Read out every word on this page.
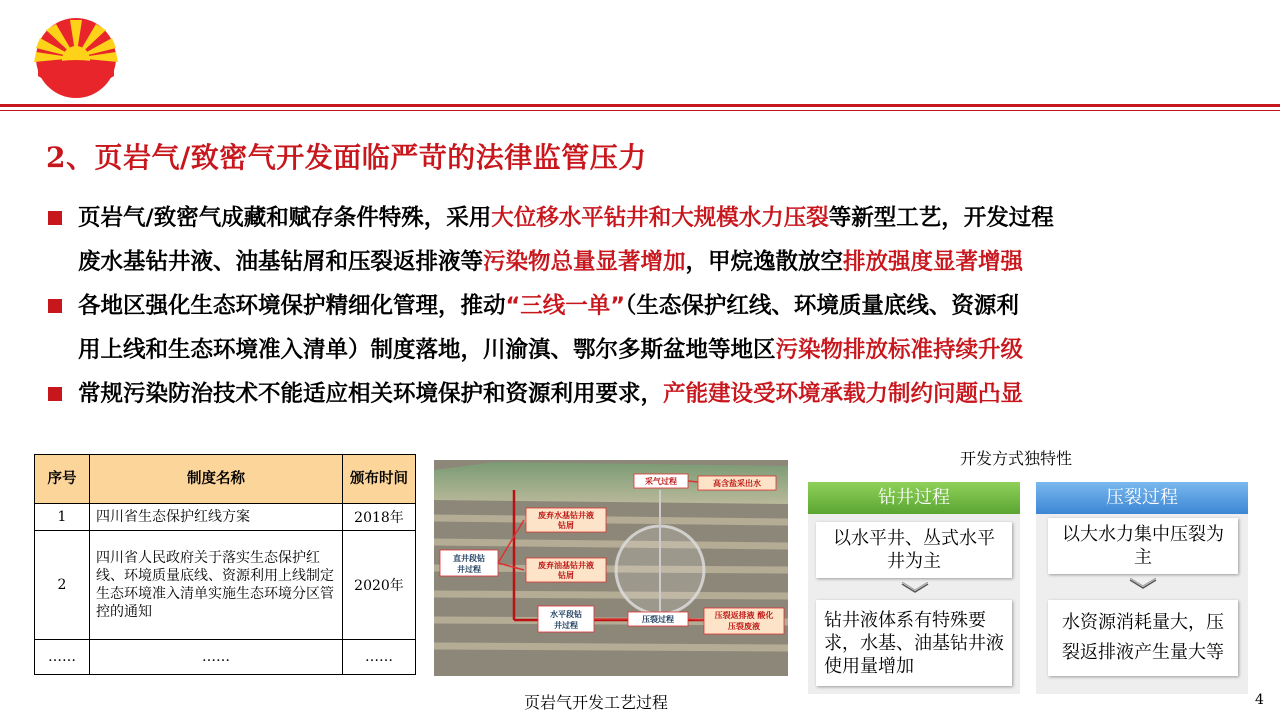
2、页岩气/致密气开发面临严苛的法律监管压力
页岩气/致密气成藏和赋存条件特殊，采用大位移水平钻井和大规模水力压裂等新型工艺，开发过程
废水基钻井液、油基钻屑和压裂返排液等污染物总量显著增加，甲烷逸散放空排放强度显著增强
各地区强化生态环境保护精细化管理，推动“三线一单”（生态保护红线、环境质量底线、资源利
用上线和生态环境准入清单）制度落地，川渝滇、鄂尔多斯盆地等地区污染物排放标准持续升级
常规污染防治技术不能适应相关环境保护和资源利用要求，产能建设受环境承载力制约问题凸显
序号	制度名称	颁布时间
1	四川省生态保护红线方案	2018年
2	四川省人民政府关于落实生态保护红线、环境质量底线、资源利用上线制定生态环境准入清单实施生态环境分区管控的通知	2020年
……	……	……
采气过程	高含盐采出水
废弃水基钻井液
钻屑
直井段钻
井过程	废弃油基钻井液
钻屑
水平段钻
井过程
压裂过程	压裂返排液 酸化
压裂废液
页岩气开发工艺过程
开发方式独特性
钻井过程
以水平井、丛式水平井为主
钻井液体系有特殊要求，水基、油基钻井液使用量增加
压裂过程
以大水力集中压裂为主
水资源消耗量大，压裂返排液产生量大等
4
